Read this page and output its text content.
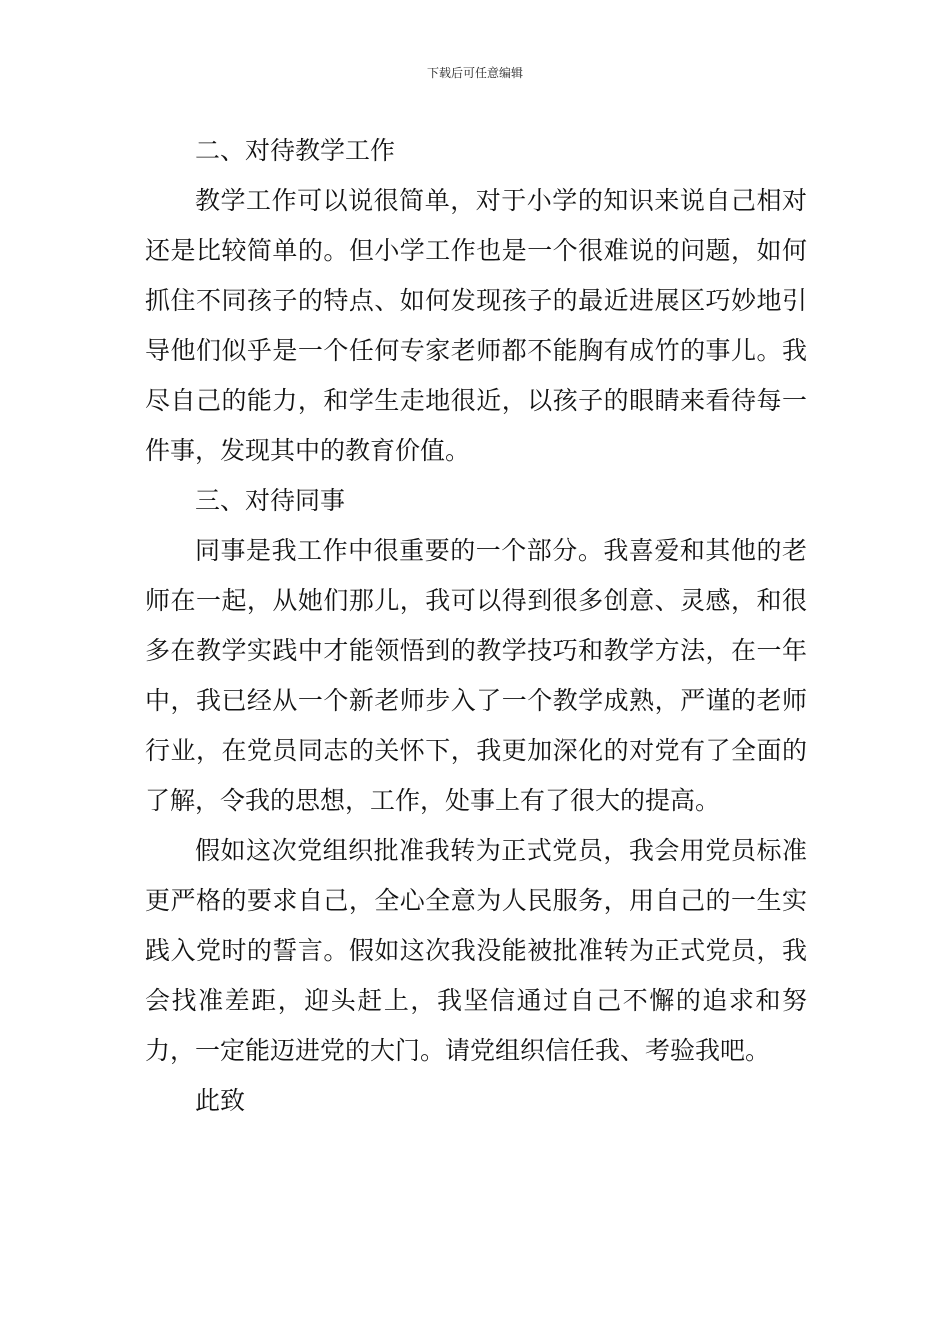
下载后可任意编辑

二、对待教学工作

教学工作可以说很简单，对于小学的知识来说自己相对还是比较简单的。但小学工作也是一个很难说的问题，如何抓住不同孩子的特点、如何发现孩子的最近进展区巧妙地引导他们似乎是一个任何专家老师都不能胸有成竹的事儿。我尽自己的能力，和学生走地很近，以孩子的眼睛来看待每一件事，发现其中的教育价值。

三、对待同事

同事是我工作中很重要的一个部分。我喜爱和其他的老师在一起，从她们那儿，我可以得到很多创意、灵感，和很多在教学实践中才能领悟到的教学技巧和教学方法，在一年中，我已经从一个新老师步入了一个教学成熟，严谨的老师行业，在党员同志的关怀下，我更加深化的对党有了全面的了解，令我的思想，工作，处事上有了很大的提高。

假如这次党组织批准我转为正式党员，我会用党员标准更严格的要求自己，全心全意为人民服务，用自己的一生实践入党时的誓言。假如这次我没能被批准转为正式党员，我会找准差距，迎头赶上，我坚信通过自己不懈的追求和努力，一定能迈进党的大门。请党组织信任我、考验我吧。

此致
